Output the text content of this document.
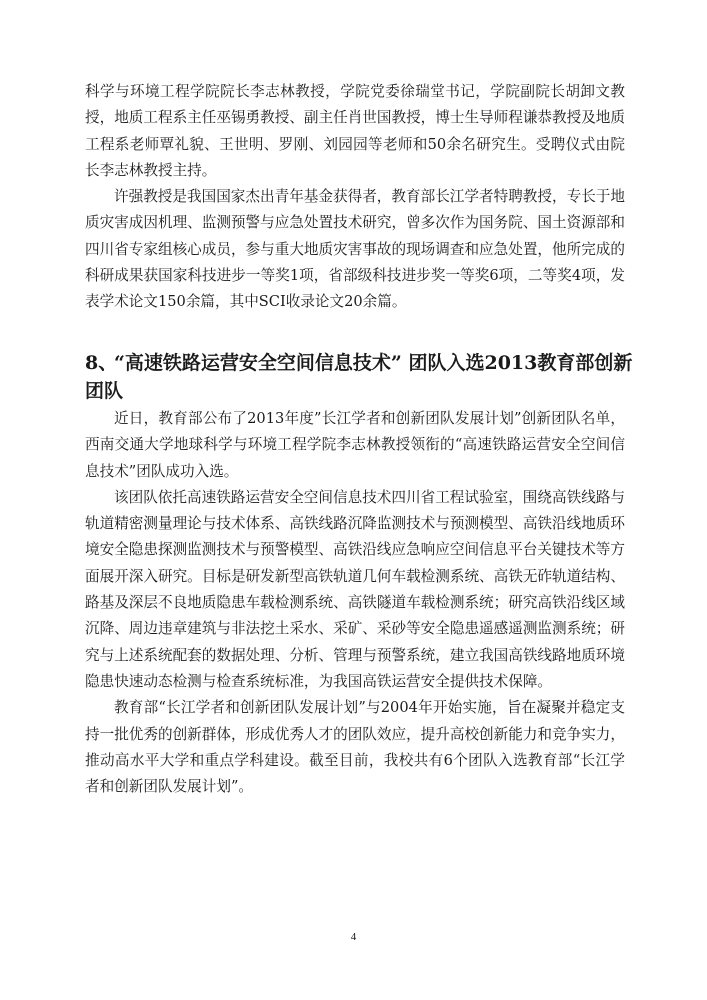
科学与环境工程学院院长李志林教授，学院党委徐瑞堂书记，学院副院长胡卸文教授，地质工程系主任巫锡勇教授、副主任肖世国教授，博士生导师程谦恭教授及地质工程系老师覃礼貌、王世明、罗刚、刘园园等老师和50余名研究生。受聘仪式由院长李志林教授主持。

许强教授是我国国家杰出青年基金获得者，教育部长江学者特聘教授，专长于地质灾害成因机理、监测预警与应急处置技术研究，曾多次作为国务院、国土资源部和四川省专家组核心成员，参与重大地质灾害事故的现场调查和应急处置，他所完成的科研成果获国家科技进步一等奖1项，省部级科技进步奖一等奖6项，二等奖4项，发表学术论文150余篇，其中SCI收录论文20余篇。

8、“高速铁路运营安全空间信息技术” 团队入选2013教育部创新团队

近日，教育部公布了2013年度”长江学者和创新团队发展计划”创新团队名单，西南交通大学地球科学与环境工程学院李志林教授领衔的“高速铁路运营安全空间信息技术”团队成功入选。

该团队依托高速铁路运营安全空间信息技术四川省工程试验室，围绕高铁线路与轨道精密测量理论与技术体系、高铁线路沉降监测技术与预测模型、高铁沿线地质环境安全隐患探测监测技术与预警模型、高铁沿线应急响应空间信息平台关键技术等方面展开深入研究。目标是研发新型高铁轨道几何车载检测系统、高铁无砟轨道结构、路基及深层不良地质隐患车载检测系统、高铁隧道车载检测系统；研究高铁沿线区域沉降、周边违章建筑与非法挖土采水、采矿、采砂等安全隐患遥感遥测监测系统；研究与上述系统配套的数据处理、分析、管理与预警系统，建立我国高铁线路地质环境隐患快速动态检测与检查系统标准，为我国高铁运营安全提供技术保障。

教育部“长江学者和创新团队发展计划”与2004年开始实施，旨在凝聚并稳定支持一批优秀的创新群体，形成优秀人才的团队效应，提升高校创新能力和竞争实力，推动高水平大学和重点学科建设。截至目前，我校共有6个团队入选教育部“长江学者和创新团队发展计划”。

4
